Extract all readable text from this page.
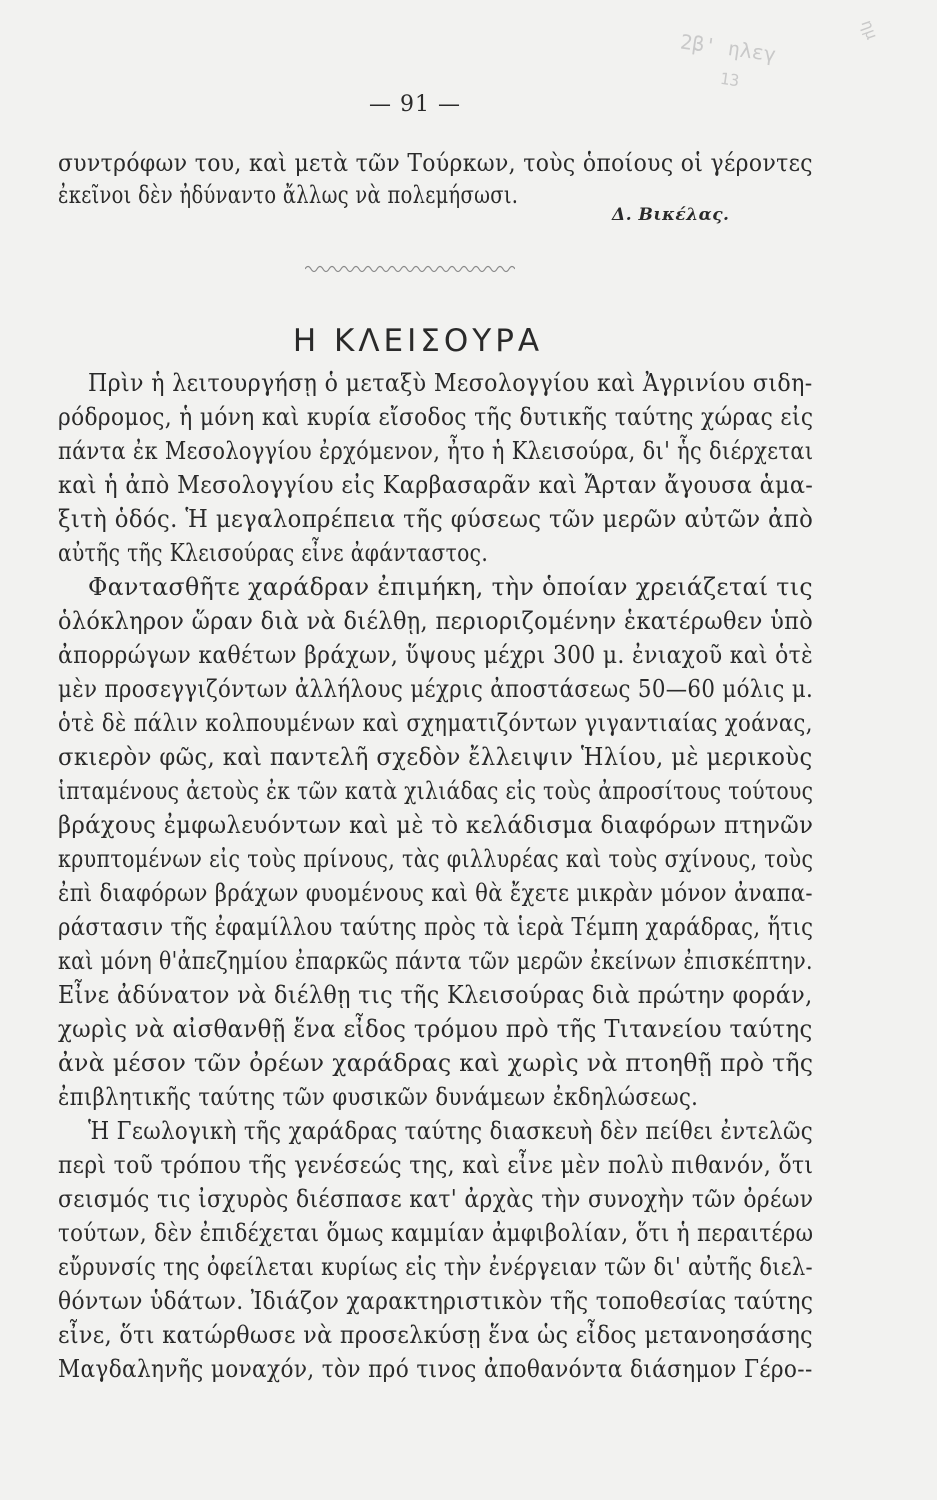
2β' ηλεγ
13
ημ
— 91 —
συντρόφων του, καὶ μετὰ τῶν Τούρκων, τοὺς ὁποίους οἱ γέροντες
ἐκεῖνοι δὲν ἠδύναντο ἄλλως νὰ πολεμήσωσι.
Δ. Βικέλας.
Η ΚΛΕΙΣΟΥΡΑ
Πρὶν ἡ λειτουργήσῃ ὁ μεταξὺ Μεσολογγίου καὶ Ἀγρινίου σιδη-
ρόδρομος, ἡ μόνη καὶ κυρία εἴσοδος τῆς δυτικῆς ταύτης χώρας εἰς
πάντα ἐκ Μεσολογγίου ἐρχόμενον, ἦτο ἡ Κλεισούρα, δι' ἧς διέρχεται
καὶ ἡ ἀπὸ Μεσολογγίου εἰς Καρβασαρᾶν καὶ Ἄρταν ἄγουσα ἁμα-
ξιτὴ ὁδός. Ἡ μεγαλοπρέπεια τῆς φύσεως τῶν μερῶν αὐτῶν ἀπὸ
αὐτῆς τῆς Κλεισούρας εἶνε ἀφάνταστος.
Φαντασθῆτε χαράδραν ἐπιμήκη, τὴν ὁποίαν χρειάζεταί τις
ὁλόκληρον ὥραν διὰ νὰ διέλθῃ, περιοριζομένην ἑκατέρωθεν ὑπὸ
ἀπορρώγων καθέτων βράχων, ὕψους μέχρι 300 μ. ἐνιαχοῦ καὶ ὁτὲ
μὲν προσεγγιζόντων ἀλλήλους μέχρις ἀποστάσεως 50—60 μόλις μ.
ὁτὲ δὲ πάλιν κολπουμένων καὶ σχηματιζόντων γιγαντιαίας χοάνας,
σκιερὸν φῶς, καὶ παντελῆ σχεδὸν ἔλλειψιν Ἡλίου, μὲ μερικοὺς
ἱπταμένους ἀετοὺς ἐκ τῶν κατὰ χιλιάδας εἰς τοὺς ἀπροσίτους τούτους
βράχους ἐμφωλευόντων καὶ μὲ τὸ κελάδισμα διαφόρων πτηνῶν
κρυπτομένων εἰς τοὺς πρίνους, τὰς φιλλυρέας καὶ τοὺς σχίνους, τοὺς
ἐπὶ διαφόρων βράχων φυομένους καὶ θὰ ἔχετε μικρὰν μόνον ἀναπα-
ράστασιν τῆς ἐφαμίλλου ταύτης πρὸς τὰ ἱερὰ Τέμπη χαράδρας, ἥτις
καὶ μόνη θ'ἀπεζημίου ἐπαρκῶς πάντα τῶν μερῶν ἐκείνων ἐπισκέπτην.
Εἶνε ἀδύνατον νὰ διέλθῃ τις τῆς Κλεισούρας διὰ πρώτην φοράν,
χωρὶς νὰ αἰσθανθῇ ἕνα εἶδος τρόμου πρὸ τῆς Τιτανείου ταύτης
ἀνὰ μέσον τῶν ὀρέων χαράδρας καὶ χωρὶς νὰ πτοηθῇ πρὸ τῆς
ἐπιβλητικῆς ταύτης τῶν φυσικῶν δυνάμεων ἐκδηλώσεως.
Ἡ Γεωλογικὴ τῆς χαράδρας ταύτης διασκευὴ δὲν πείθει ἐντελῶς
περὶ τοῦ τρόπου τῆς γενέσεώς της, καὶ εἶνε μὲν πολὺ πιθανόν, ὅτι
σεισμός τις ἰσχυρὸς διέσπασε κατ' ἀρχὰς τὴν συνοχὴν τῶν ὀρέων
τούτων, δὲν ἐπιδέχεται ὅμως καμμίαν ἀμφιβολίαν, ὅτι ἡ περαιτέρω
εὔρυνσίς της ὀφείλεται κυρίως εἰς τὴν ἐνέργειαν τῶν δι' αὐτῆς διελ-
θόντων ὑδάτων. Ἰδιάζον χαρακτηριστικὸν τῆς τοποθεσίας ταύτης
εἶνε, ὅτι κατώρθωσε νὰ προσελκύσῃ ἕνα ὡς εἶδος μετανοησάσης
Μαγδαληνῆς μοναχόν, τὸν πρό τινος ἀποθανόντα διάσημον Γέρο--
